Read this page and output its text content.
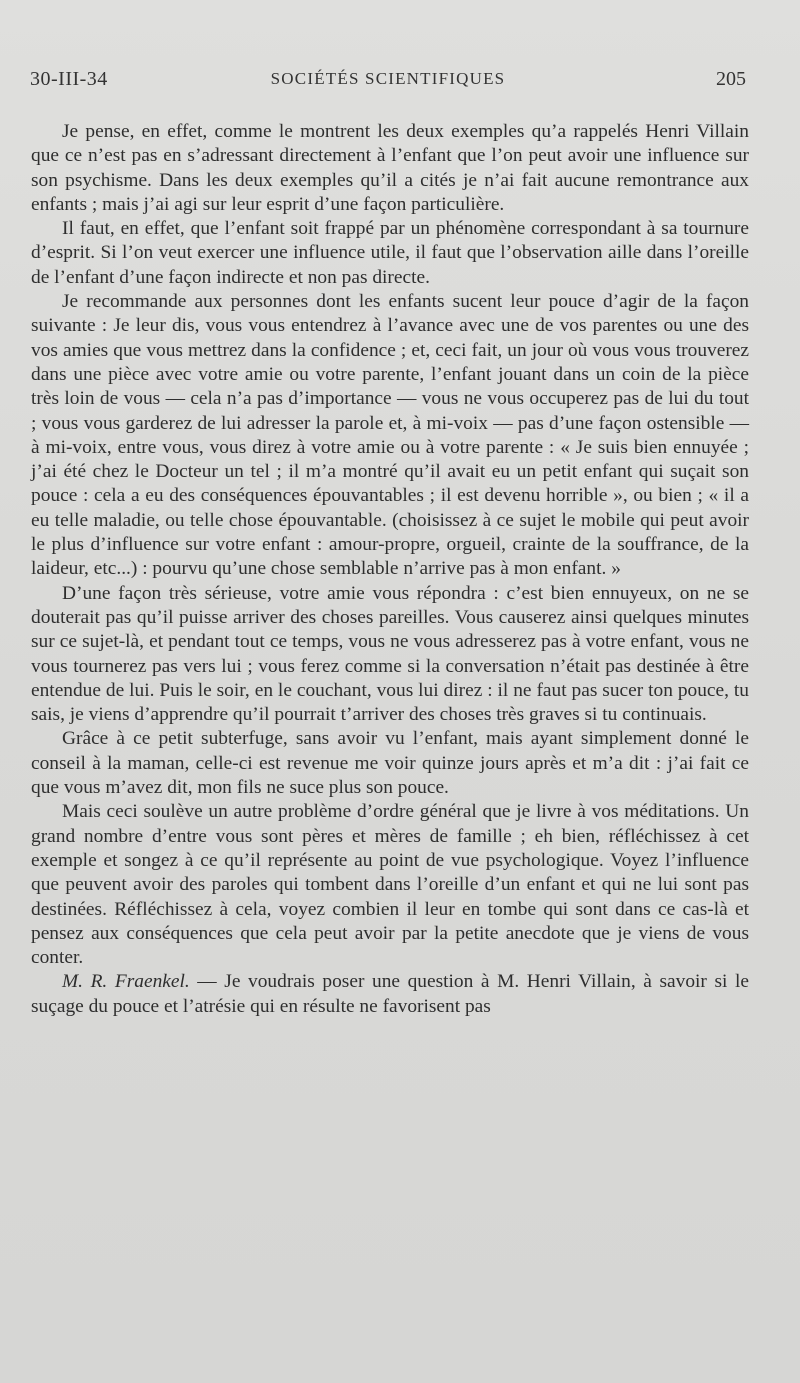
30-III-34	SOCIÉTÉS SCIENTIFIQUES	205

Je pense, en effet, comme le montrent les deux exemples qu’a rappelés Henri Villain que ce n’est pas en s’adressant directement à l’enfant que l’on peut avoir une influence sur son psychisme. Dans les deux exemples qu’il a cités je n’ai fait aucune remontrance aux enfants ; mais j’ai agi sur leur esprit d’une façon particulière.

Il faut, en effet, que l’enfant soit frappé par un phénomène correspondant à sa tournure d’esprit. Si l’on veut exercer une influence utile, il faut que l’observation aille dans l’oreille de l’enfant d’une façon indirecte et non pas directe.

Je recommande aux personnes dont les enfants sucent leur pouce d’agir de la façon suivante : Je leur dis, vous vous entendrez à l’avance avec une de vos parentes ou une des vos amies que vous mettrez dans la confidence ; et, ceci fait, un jour où vous vous trouverez dans une pièce avec votre amie ou votre parente, l’enfant jouant dans un coin de la pièce très loin de vous — cela n’a pas d’importance — vous ne vous occuperez pas de lui du tout ; vous vous garderez de lui adresser la parole et, à mi-voix — pas d’une façon ostensible — à mi-voix, entre vous, vous direz à votre amie ou à votre parente : « Je suis bien ennuyée ; j’ai été chez le Docteur un tel ; il m’a montré qu’il avait eu un petit enfant qui suçait son pouce : cela a eu des conséquences épouvantables ; il est devenu horrible », ou bien ; « il a eu telle maladie, ou telle chose épouvantable. (choisissez à ce sujet le mobile qui peut avoir le plus d’influence sur votre enfant : amour-propre, orgueil, crainte de la souffrance, de la laideur, etc...) : pourvu qu’une chose semblable n’arrive pas à mon enfant. »

D’une façon très sérieuse, votre amie vous répondra : c’est bien ennuyeux, on ne se douterait pas qu’il puisse arriver des choses pareilles. Vous causerez ainsi quelques minutes sur ce sujet-là, et pendant tout ce temps, vous ne vous adresserez pas à votre enfant, vous ne vous tournerez pas vers lui ; vous ferez comme si la conversation n’était pas destinée à être entendue de lui. Puis le soir, en le couchant, vous lui direz : il ne faut pas sucer ton pouce, tu sais, je viens d’apprendre qu’il pourrait t’arriver des choses très graves si tu continuais.

Grâce à ce petit subterfuge, sans avoir vu l’enfant, mais ayant simplement donné le conseil à la maman, celle-ci est revenue me voir quinze jours après et m’a dit : j’ai fait ce que vous m’avez dit, mon fils ne suce plus son pouce.

Mais ceci soulève un autre problème d’ordre général que je livre à vos méditations. Un grand nombre d’entre vous sont pères et mères de famille ; eh bien, réfléchissez à cet exemple et songez à ce qu’il représente au point de vue psychologique. Voyez l’influence que peuvent avoir des paroles qui tombent dans l’oreille d’un enfant et qui ne lui sont pas destinées. Réfléchissez à cela, voyez combien il leur en tombe qui sont dans ce cas-là et pensez aux conséquences que cela peut avoir par la petite anecdote que je viens de vous conter.

M. R. Fraenkel. — Je voudrais poser une question à M. Henri Villain, à savoir si le suçage du pouce et l’atrésie qui en résulte ne favorisent pas
